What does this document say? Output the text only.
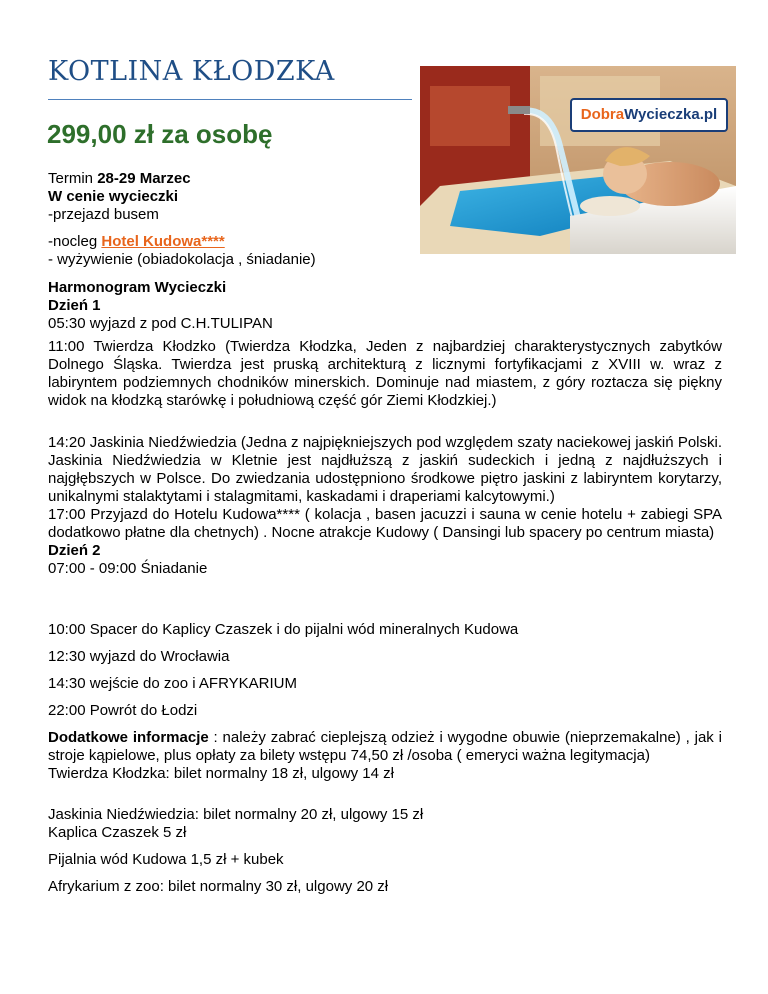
KOTLINA KŁODZKA
299,00 zł za osobę
DobraWycieczka.pl

Termin 28-29 Marzec

W cenie wycieczki

-przejazd busem

-nocleg Hotel Kudowa****

- wyżywienie (obiadokolacja , śniadanie)

Harmonogram Wycieczki

Dzień 1

05:30 wyjazd z pod C.H.TULIPAN

11:00 Twierdza Kłodzko (Twierdza Kłodzka, Jeden z najbardziej charakterystycznych zabytków Dolnego Śląska. Twierdza jest pruską architekturą z licznymi fortyfikacjami z XVIII w. wraz z labiryntem podziemnych chodników minerskich. Dominuje nad miastem, z góry roztacza się piękny widok na kłodzką starówkę i południową część gór Ziemi Kłodzkiej.)

14:20 Jaskinia Niedźwiedzia (Jedna z najpiękniejszych pod względem szaty naciekowej jaskiń Polski. Jaskinia Niedźwiedzia w Kletnie jest najdłuższą z jaskiń sudeckich i jedną z najdłuższych i najgłębszych w Polsce. Do zwiedzania udostępniono środkowe piętro jaskini z labiryntem korytarzy, unikalnymi stalaktytami i stalagmitami, kaskadami i draperiami kalcytowymi.)

17:00 Przyjazd do Hotelu Kudowa**** ( kolacja , basen jacuzzi i sauna w cenie hotelu + zabiegi SPA dodatkowo płatne dla chetnych) . Nocne atrakcje Kudowy ( Dansingi lub spacery po centrum miasta)

Dzień 2

07:00 - 09:00 Śniadanie

10:00 Spacer do Kaplicy Czaszek i do pijalni wód mineralnych Kudowa
12:30 wyjazd do Wrocławia
14:30 wejście do zoo i AFRYKARIUM
22:00 Powrót do Łodzi

Dodatkowe informacje : należy zabrać cieplejszą odzież i wygodne obuwie (nieprzemakalne) , jak i stroje kąpielowe, plus opłaty za bilety wstępu 74,50 zł /osoba ( emeryci ważna legitymacja)

Twierdza Kłodzka: bilet normalny 18 zł, ulgowy 14 zł

Jaskinia Niedźwiedzia: bilet normalny 20 zł, ulgowy 15 zł

Kaplica Czaszek 5 zł

Pijalnia wód Kudowa 1,5 zł + kubek
Afrykarium z zoo: bilet normalny 30 zł, ulgowy 20 zł
